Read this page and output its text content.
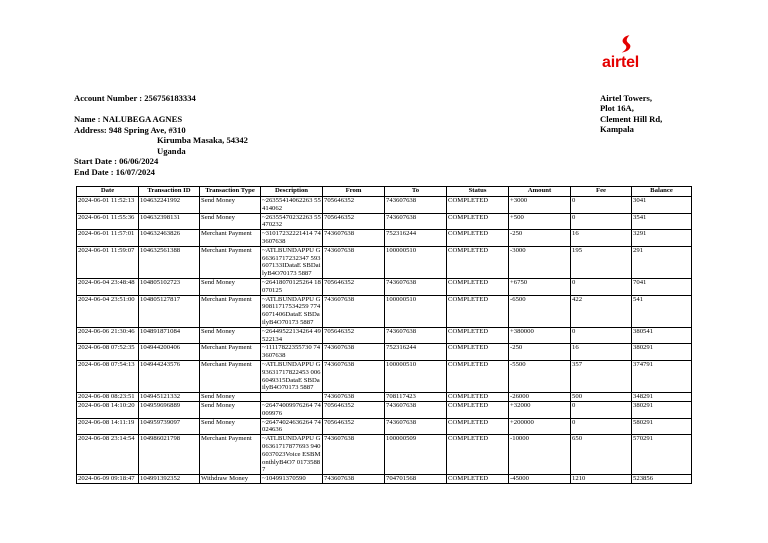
airtel
Account Number : 256756183334	Airtel Towers,
Plot 16A,
Clement Hill Rd,
Kampala
Name : NALUBEGA AGNES
Address: 948 Spring Ave, #310
Kirumba Masaka, 54342
Uganda
Start Date : 06/06/2024
End Date : 16/07/2024
Date	Transaction ID	Transaction Type	Description	From	To	Status	Amount	Fee	Balance
2024-06-01 11:52:13	104632241992	Send Money	~26355414062263 55414062	705646352	743607638	COMPLETED	+3000	0	3041
2024-06-01 11:55:36	104632398131	Send Money	~26355470232263 55470232	705646352	743607638	COMPLETED	+500	0	3541
2024-06-01 11:57:01	104632463826	Merchant Payment	~31017232221414 743607638	743607638	752316244	COMPLETED	-250	16	3291
2024-06-01 11:59:07	104632561388	Merchant Payment	~ATLBUNDAPPU G66361717232347 593607133IDataE SBDailyB4O70173 5887	743607638	100000510	COMPLETED	-3000	195	291
2024-06-04 23:48:48	104805102723	Send Money	~26418070125264 18070125	705646352	743607638	COMPLETED	+6750	0	7041
2024-06-04 23:51:00	104805127817	Merchant Payment	~ATLBUNDAPPU G90811717534259 7746071406DataE SBDailyB4O70173 5887	743607638	100000510	COMPLETED	-6500	422	541
2024-06-06 21:30:46	104891871084	Send Money	~26449522134264 49522134	705646352	743607638	COMPLETED	+380000	0	380541
2024-06-08 07:52:35	104944200406	Merchant Payment	~11117822355730 743607638	743607638	752316244	COMPLETED	-250	16	380291
2024-06-08 07:54:13	104944243576	Merchant Payment	~ATLBUNDAPPU G93631717822453 0066049315DataE SBDailyB4O70173 5887	743607638	100000510	COMPLETED	-5500	357	374791
2024-06-08 08:23:51	104945121332	Send Money		743607638	708117423	COMPLETED	-26000	500	348291
2024-06-08 14:10:20	104959696889	Send Money	~26474009976264 74009976	705646352	743607638	COMPLETED	+32000	0	380291
2024-06-08 14:11:19	104959739097	Send Money	~26474024636264 74024636	705646352	743607638	COMPLETED	+200000	0	580291
2024-06-08 23:14:54	104986021798	Merchant Payment	~ATLBUNDAPPU G06361717877693 9406037023Voice ESBMonthlyB4O7 01735887	743607638	100000509	COMPLETED	-10000	650	570291
2024-06-09 09:18:47	104991392352	Withdraw Money	~104991370590	743607638	704701568	COMPLETED	-45000	1210	523856
